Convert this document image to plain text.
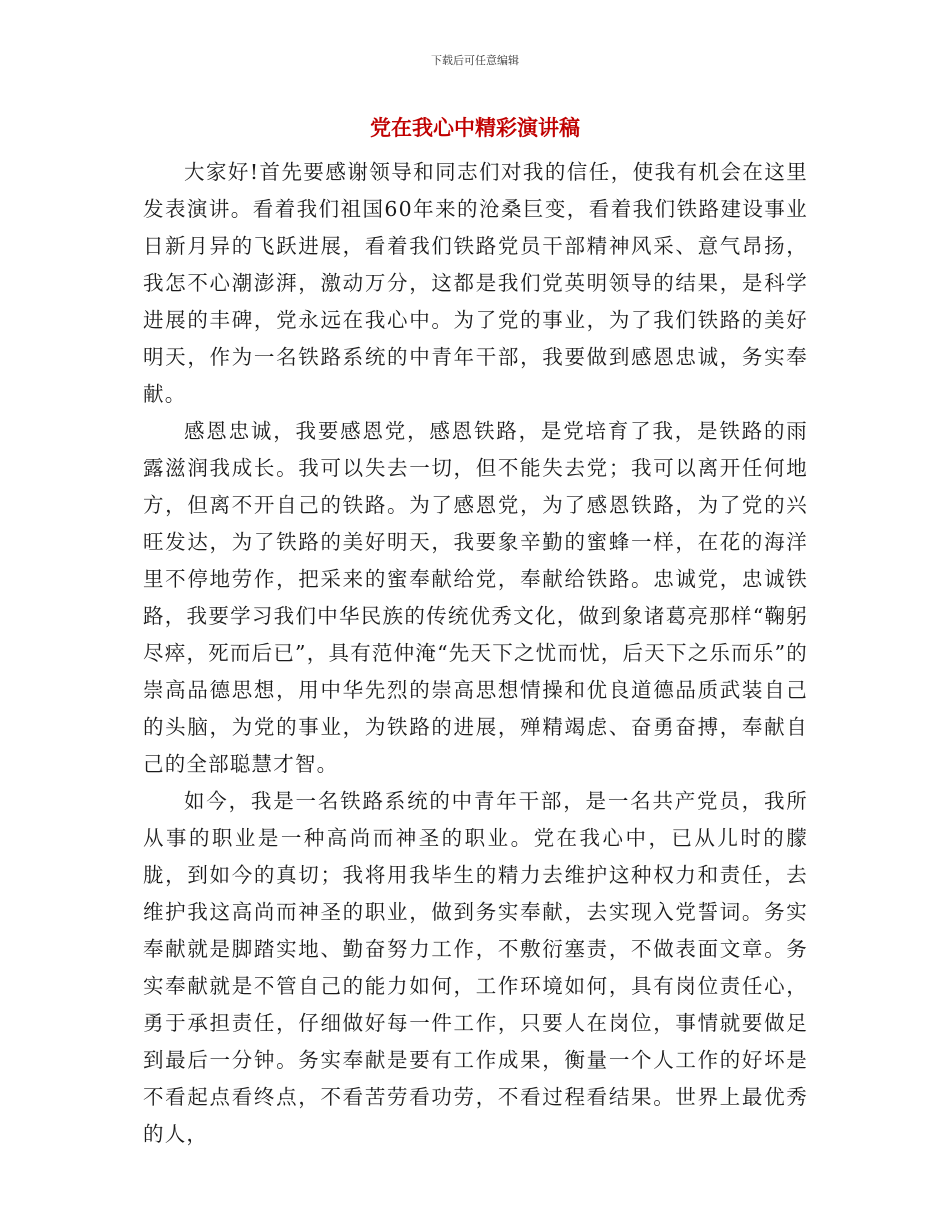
下载后可任意编辑
党在我心中精彩演讲稿

大家好!首先要感谢领导和同志们对我的信任，使我有机会在这里发表演讲。看着我们祖国60年来的沧桑巨变，看着我们铁路建设事业日新月异的飞跃进展，看着我们铁路党员干部精神风采、意气昂扬，我怎不心潮澎湃，激动万分，这都是我们党英明领导的结果，是科学进展的丰碑，党永远在我心中。为了党的事业，为了我们铁路的美好明天，作为一名铁路系统的中青年干部，我要做到感恩忠诚，务实奉献。

感恩忠诚，我要感恩党，感恩铁路，是党培育了我，是铁路的雨露滋润我成长。我可以失去一切，但不能失去党；我可以离开任何地方，但离不开自己的铁路。为了感恩党，为了感恩铁路，为了党的兴旺发达，为了铁路的美好明天，我要象辛勤的蜜蜂一样，在花的海洋里不停地劳作，把采来的蜜奉献给党，奉献给铁路。忠诚党，忠诚铁路，我要学习我们中华民族的传统优秀文化，做到象诸葛亮那样“鞠躬尽瘁，死而后已”，具有范仲淹“先天下之忧而忧，后天下之乐而乐”的崇高品德思想，用中华先烈的崇高思想情操和优良道德品质武装自己的头脑，为党的事业，为铁路的进展，殚精竭虑、奋勇奋搏，奉献自己的全部聪慧才智。

如今，我是一名铁路系统的中青年干部，是一名共产党员，我所从事的职业是一种高尚而神圣的职业。党在我心中，已从儿时的朦胧，到如今的真切；我将用我毕生的精力去维护这种权力和责任，去维护我这高尚而神圣的职业，做到务实奉献，去实现入党誓词。务实奉献就是脚踏实地、勤奋努力工作，不敷衍塞责，不做表面文章。务实奉献就是不管自己的能力如何，工作环境如何，具有岗位责任心，勇于承担责任，仔细做好每一件工作，只要人在岗位，事情就要做足到最后一分钟。务实奉献是要有工作成果，衡量一个人工作的好坏是不看起点看终点，不看苦劳看功劳，不看过程看结果。世界上最优秀的人，
